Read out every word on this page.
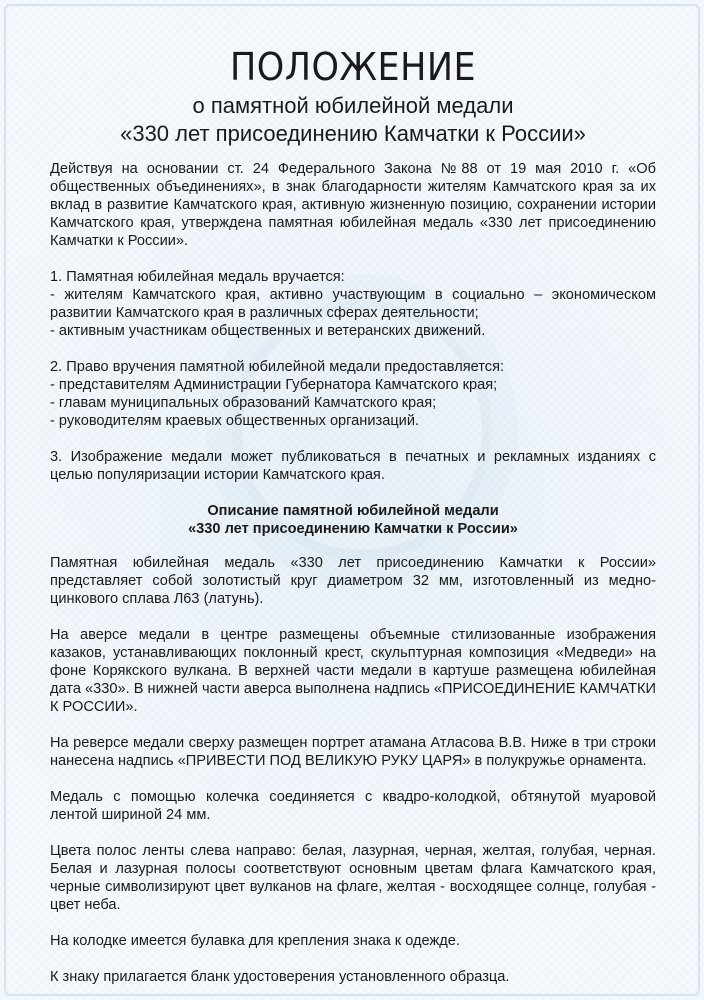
ПОЛОЖЕНИЕ
о памятной юбилейной медали
«330 лет присоединению Камчатки к России»

Действуя на основании ст. 24 Федерального Закона №88 от 19 мая 2010 г. «Об общественных объединениях», в знак благодарности жителям Камчатского края за их вклад в развитие Камчатского края, активную жизненную позицию, сохранении истории Камчатского края, утверждена памятная юбилейная медаль «330 лет присоединению Камчатки к России».

1. Памятная юбилейная медаль вручается:

- жителям Камчатского края, активно участвующим в социально – экономическом развитии Камчатского края в различных сферах деятельности;

- активным участникам общественных и ветеранских движений.

2. Право вручения памятной юбилейной медали предоставляется:

- представителям Администрации Губернатора Камчатского края;

- главам муниципальных образований Камчатского края;

- руководителям краевых общественных организаций.

3. Изображение медали может публиковаться в печатных и рекламных изданиях с целью популяризации истории Камчатского края.

Описание памятной юбилейной медали

«330 лет присоединению Камчатки к России»

Памятная юбилейная медаль «330 лет присоединению Камчатки к России» представляет собой золотистый круг диаметром 32 мм, изготовленный из медно-цинкового сплава Л63 (латунь).

На аверсе медали в центре размещены объемные стилизованные изображения казаков, устанавливающих поклонный крест, скульптурная композиция «Медведи» на фоне Корякского вулкана. В верхней части медали в картуше размещена юбилейная дата «330». В нижней части аверса выполнена надпись «ПРИСОЕДИНЕНИЕ КАМЧАТКИ К РОССИИ».

На реверсе медали сверху размещен портрет атамана Атласова В.В. Ниже в три строки нанесена надпись «ПРИВЕСТИ ПОД ВЕЛИКУЮ РУКУ ЦАРЯ» в полукружье орнамента.

Медаль с помощью колечка соединяется с квадро-колодкой, обтянутой муаровой лентой шириной 24 мм.

Цвета полос ленты слева направо: белая, лазурная, черная, желтая, голубая, черная. Белая и лазурная полосы соответствуют основным цветам флага Камчатского края, черные символизируют цвет вулканов на флаге, желтая - восходящее солнце, голубая - цвет неба.

На колодке имеется булавка для крепления знака к одежде.

К знаку прилагается бланк удостоверения установленного образца.
